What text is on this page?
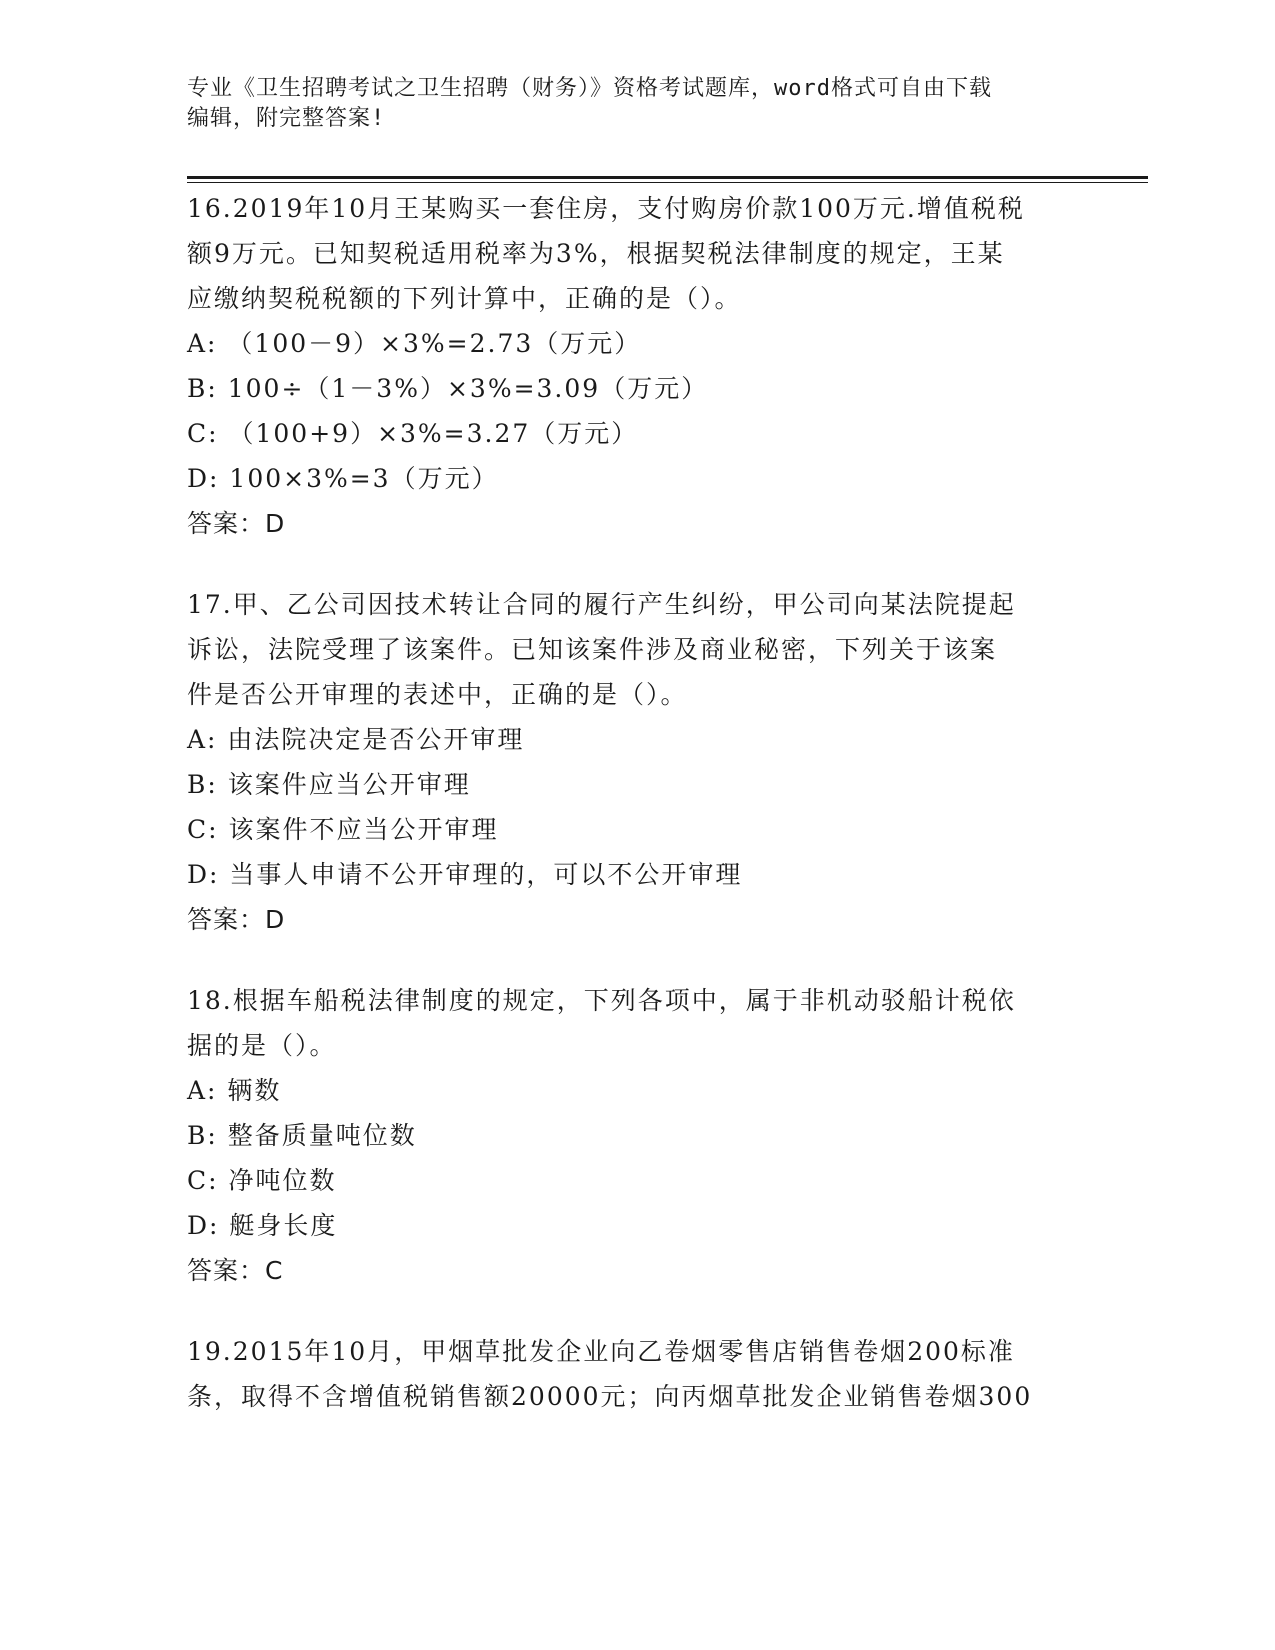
专业《卫生招聘考试之卫生招聘（财务）》资格考试题库，word格式可自由下载
编辑，附完整答案!
16.2019年10月王某购买一套住房，支付购房价款100万元.增值税税
额9万元。已知契税适用税率为3%，根据契税法律制度的规定，王某
应缴纳契税税额的下列计算中，正确的是（）。
A: （100－9）×3%=2.73（万元）
B: 100÷（1－3%）×3%=3.09（万元）
C: （100+9）×3%=3.27（万元）
D: 100×3%=3（万元）
答案：D
17.甲、乙公司因技术转让合同的履行产生纠纷，甲公司向某法院提起
诉讼，法院受理了该案件。已知该案件涉及商业秘密，下列关于该案
件是否公开审理的表述中，正确的是（）。
A: 由法院决定是否公开审理
B: 该案件应当公开审理
C: 该案件不应当公开审理
D: 当事人申请不公开审理的，可以不公开审理
答案：D
18.根据车船税法律制度的规定，下列各项中，属于非机动驳船计税依
据的是（）。
A: 辆数
B: 整备质量吨位数
C: 净吨位数
D: 艇身长度
答案：C
19.2015年10月，甲烟草批发企业向乙卷烟零售店销售卷烟200标准
条，取得不含增值税销售额20000元；向丙烟草批发企业销售卷烟300
